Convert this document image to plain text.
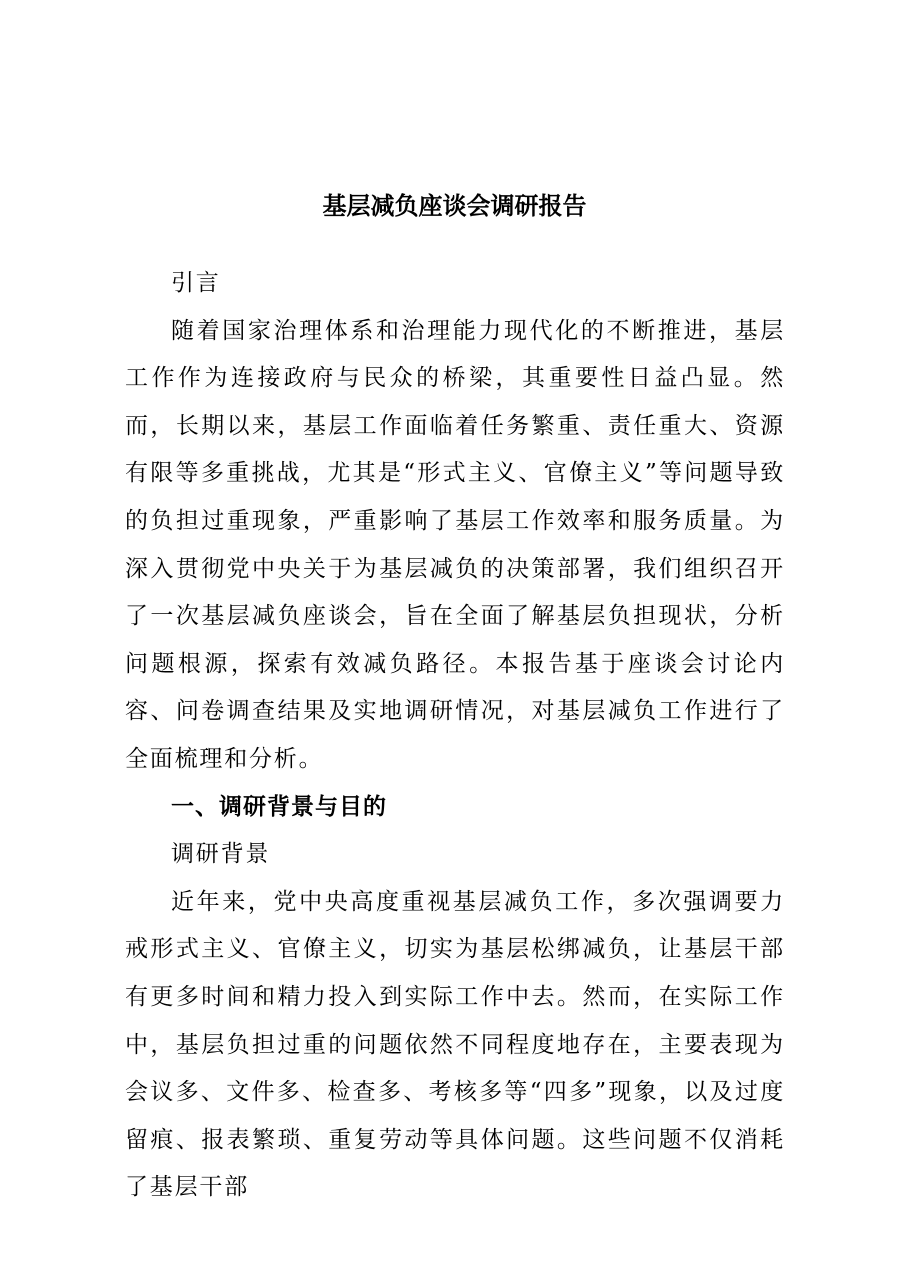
基层减负座谈会调研报告

引言

随着国家治理体系和治理能力现代化的不断推进，基层工作作为连接政府与民众的桥梁，其重要性日益凸显。然而，长期以来，基层工作面临着任务繁重、责任重大、资源有限等多重挑战，尤其是“形式主义、官僚主义”等问题导致的负担过重现象，严重影响了基层工作效率和服务质量。为深入贯彻党中央关于为基层减负的决策部署，我们组织召开了一次基层减负座谈会，旨在全面了解基层负担现状，分析问题根源，探索有效减负路径。本报告基于座谈会讨论内容、问卷调查结果及实地调研情况，对基层减负工作进行了全面梳理和分析。

一、调研背景与目的

调研背景

近年来，党中央高度重视基层减负工作，多次强调要力戒形式主义、官僚主义，切实为基层松绑减负，让基层干部有更多时间和精力投入到实际工作中去。然而，在实际工作中，基层负担过重的问题依然不同程度地存在，主要表现为会议多、文件多、检查多、考核多等“四多”现象，以及过度留痕、报表繁琐、重复劳动等具体问题。这些问题不仅消耗了基层干部
